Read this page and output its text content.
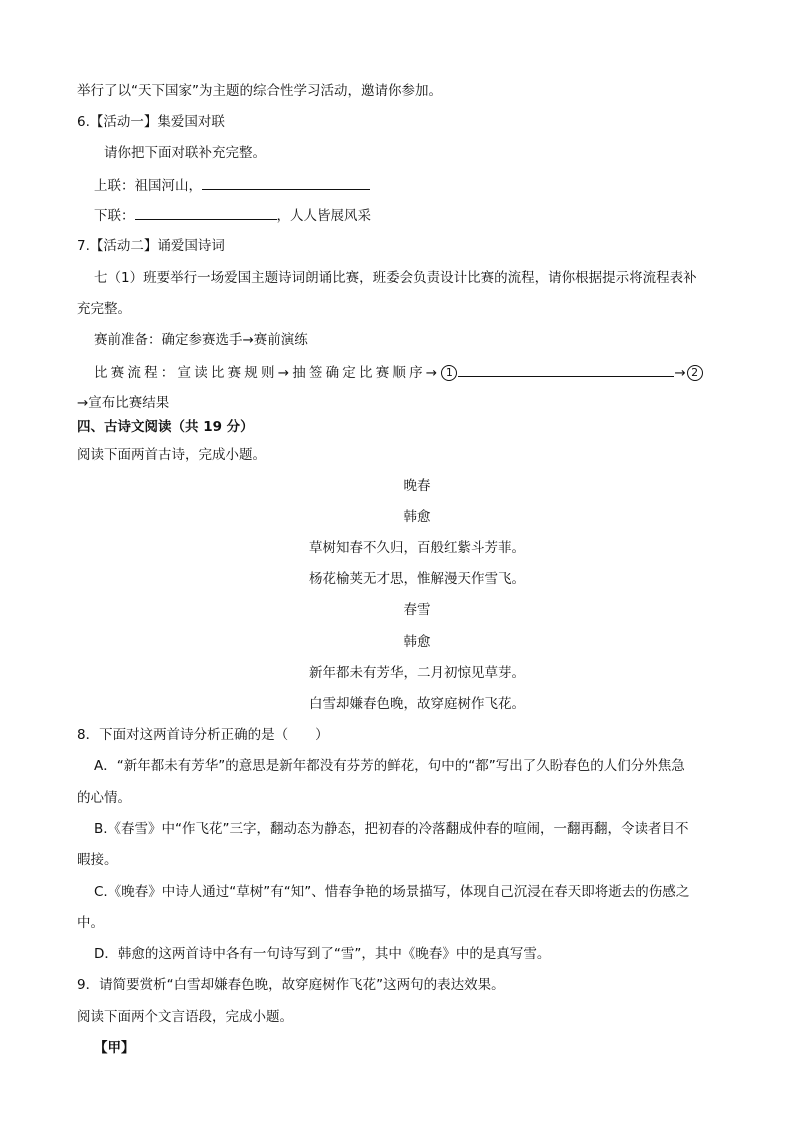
举行了以“天下国家”为主题的综合性学习活动，邀请你参加。
6.【活动一】集爱国对联
请你把下面对联补充完整。
上联：祖国河山，
下联：	，人人皆展风采
7.【活动二】诵爱国诗词
七（1）班要举行一场爱国主题诗词朗诵比赛，班委会负责设计比赛的流程，请你根据提示将流程表补
充完整。
赛前准备：确定参赛选手→赛前演练
比赛流程：宣读比赛规则→抽签确定比赛顺序→ 1	→ 2
→宣布比赛结果
四、古诗文阅读（共 19 分）
阅读下面两首古诗，完成小题。
晚春
韩愈
草树知春不久归，百般红紫斗芳菲。
杨花榆荚无才思，惟解漫天作雪飞。
春雪
韩愈
新年都未有芳华，二月初惊见草芽。
白雪却嫌春色晚，故穿庭树作飞花。
8．下面对这两首诗分析正确的是（　　）
A．“新年都未有芳华”的意思是新年都没有芬芳的鲜花，句中的“都”写出了久盼春色的人们分外焦急
的心情。
B.《春雪》中“作飞花”三字，翻动态为静态，把初春的冷落翻成仲春的喧闹，一翻再翻，令读者目不
暇接。
C.《晚春》中诗人通过“草树”有“知”、惜春争艳的场景描写，体现自己沉浸在春天即将逝去的伤感之
中。
D．韩愈的这两首诗中各有一句诗写到了“雪”，其中《晚春》中的是真写雪。
9．请简要赏析“白雪却嫌春色晚，故穿庭树作飞花”这两句的表达效果。
阅读下面两个文言语段，完成小题。
【甲】
